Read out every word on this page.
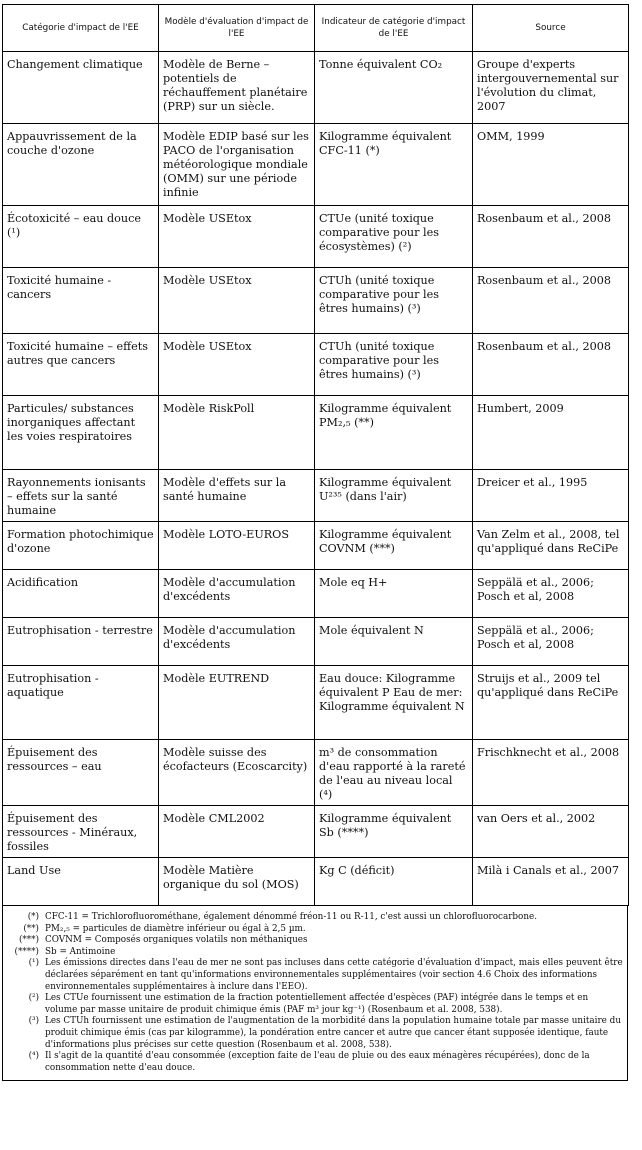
Catégorie d'impact de l'EE	Modèle d'évaluation d'impact de l'EE	Indicateur de catégorie d'impact de l'EE	Source
Changement climatique	Modèle de Berne – potentiels de réchauffement planétaire (PRP) sur un siècle.	Tonne équivalent CO₂	Groupe d'experts intergouvernemental sur l'évolution du climat, 2007
Appauvrissement de la couche d'ozone	Modèle EDIP basé sur les PACO de l'organisation météorologique mondiale (OMM) sur une période infinie	Kilogramme équivalent CFC-11 (*)	OMM, 1999
Écotoxicité – eau douce (¹)	Modèle USEtox	CTUe (unité toxique comparative pour les écosystèmes) (²)	Rosenbaum et al., 2008
Toxicité humaine - cancers	Modèle USEtox	CTUh (unité toxique comparative pour les êtres humains) (³)	Rosenbaum et al., 2008
Toxicité humaine – effets autres que cancers	Modèle USEtox	CTUh (unité toxique comparative pour les êtres humains) (³)	Rosenbaum et al., 2008
Particules/ substances inorganiques affectant les voies respiratoires	Modèle RiskPoll	Kilogramme équivalent PM₂,₅ (**)	Humbert, 2009
Rayonnements ionisants – effets sur la santé humaine	Modèle d'effets sur la santé humaine	Kilogramme équivalent U²³⁵ (dans l'air)	Dreicer et al., 1995
Formation photochimique d'ozone	Modèle LOTO-EUROS	Kilogramme équivalent COVNM (***)	Van Zelm et al., 2008, tel qu'appliqué dans ReCiPe
Acidification	Modèle d'accumulation d'excédents	Mole eq H+	Seppälä et al., 2006; Posch et al, 2008
Eutrophisation - terrestre	Modèle d'accumulation d'excédents	Mole équivalent N	Seppälä et al., 2006; Posch et al, 2008
Eutrophisation - aquatique	Modèle EUTREND	Eau douce: Kilogramme équivalent P Eau de mer: Kilogramme équivalent N	Struijs et al., 2009 tel qu'appliqué dans ReCiPe
Épuisement des ressources – eau	Modèle suisse des écofacteurs (Ecoscarcity)	m³ de consommation d'eau rapporté à la rareté de l'eau au niveau local (⁴)	Frischknecht et al., 2008
Épuisement des ressources - Minéraux, fossiles	Modèle CML2002	Kilogramme équivalent Sb (****)	van Oers et al., 2002
Land Use	Modèle Matière organique du sol (MOS)	Kg C (déficit)	Milà i Canals et al., 2007
(*) CFC-11 = Trichlorofluorométhane, également dénommé fréon-11 ou R-11, c'est aussi un chlorofluorocarbone.
(**) PM₂,₅ = particules de diamètre inférieur ou égal à 2,5 µm.
(***) COVNM = Composés organiques volatils non méthaniques
(****) Sb = Antimoine
(¹) Les émissions directes dans l'eau de mer ne sont pas incluses dans cette catégorie d'évaluation d'impact, mais elles peuvent être déclarées séparément en tant qu'informations environnementales supplémentaires (voir section 4.6 Choix des informations environnementales supplémentaires à inclure dans l'EEO).
(²) Les CTUe fournissent une estimation de la fraction potentiellement affectée d'espèces (PAF) intégrée dans le temps et en volume par masse unitaire de produit chimique émis (PAF m³ jour kg⁻¹) (Rosenbaum et al. 2008, 538).
(³) Les CTUh fournissent une estimation de l'augmentation de la morbidité dans la population humaine totale par masse unitaire du produit chimique émis (cas par kilogramme), la pondération entre cancer et autre que cancer étant supposée identique, faute d'informations plus précises sur cette question (Rosenbaum et al. 2008, 538).
(⁴) Il s'agit de la quantité d'eau consommée (exception faite de l'eau de pluie ou des eaux ménagères récupérées), donc de la consommation nette d'eau douce.
